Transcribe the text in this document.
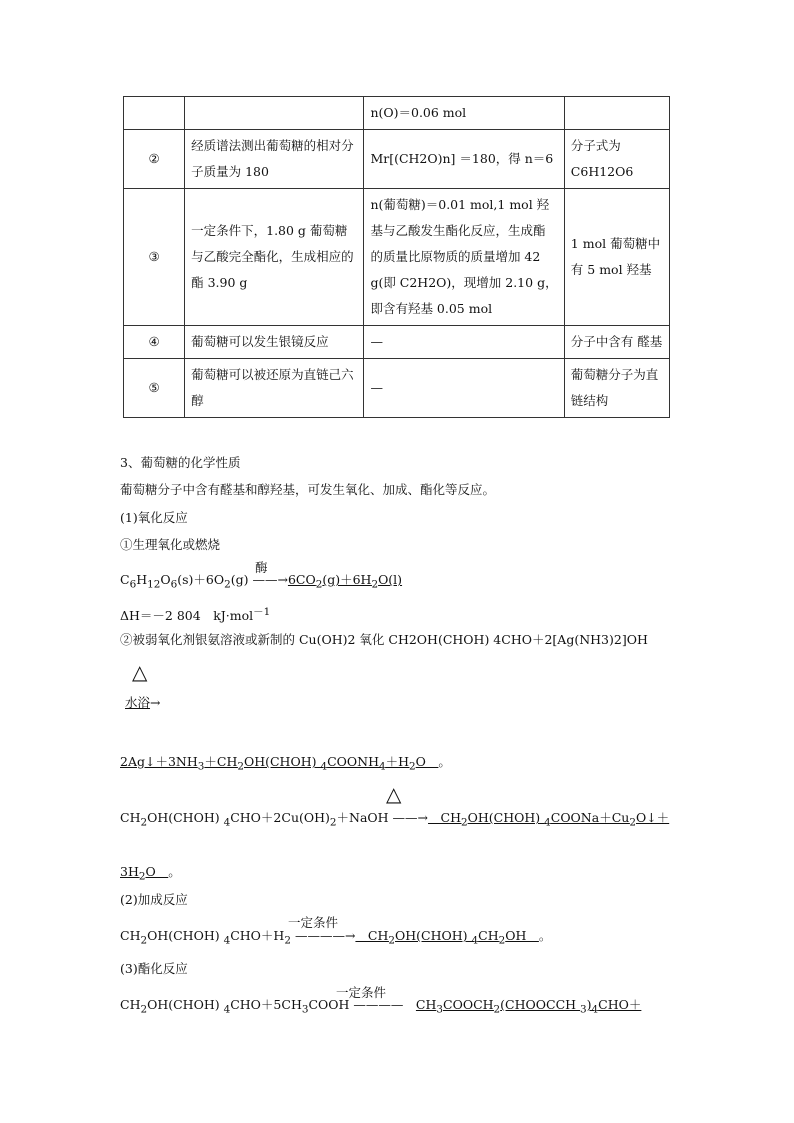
		n(O)＝0.06 mol	
②	经质谱法测出葡萄糖的相对分子质量为 180	Mr[(CH2O)n] ＝180，得 n＝6	分子式为 C6H12O6
③	一定条件下，1.80 g 葡萄糖与乙酸完全酯化，生成相应的酯 3.90 g	n(葡萄糖)＝0.01 mol,1 mol 羟基与乙酸发生酯化反应，生成酯的质量比原物质的质量增加 42 g(即 C2H2O)，现增加 2.10 g，即含有羟基 0.05 mol	1 mol 葡萄糖中有 5 mol 羟基
④	葡萄糖可以发生银镜反应	—	分子中含有 醛基
⑤	葡萄糖可以被还原为直链己六醇	—	葡萄糖分子为直链结构
3、葡萄糖的化学性质
葡萄糖分子中含有醛基和醇羟基，可发生氧化、加成、酯化等反应。
(1)氧化反应
①生理氧化或燃烧
酶
$C_6H_{12}O_6(s)+6O_2(g)$ $——\to 6CO_2(g)+6H_2O(l)$
ΔH＝－2 804　kJ·mol$^{-1}$
②被弱氧化剂银氨溶液或新制的 Cu(OH)2 氧化 CH2OH(CHOH) 4CHO＋2[Ag(NH3)2]OH
△
水浴→
$2Ag↓+3NH_3+CH_2OH(CHOH)$ $_4COONH_4+H_2O$　。
△
$CH_2OH(CHOH)$ $_4CHO+2Cu(OH)_2+NaOH$ ——→　$CH_2OH(CHOH)$ $_4COONa+Cu_2O↓+$
$3H_2O$　。
(2)加成反应
一定条件
$CH_2OH(CHOH)$ $_4CHO+H_2$ ————→　$CH_2OH(CHOH)$ $_4CH_2OH$　。
(3)酯化反应
一定条件
$CH_2OH(CHOH)$ $_4CHO+5CH_3COOH$ ————　$CH_3COOCH_2(CHOOCCH$ $_3)_4CHO+$
